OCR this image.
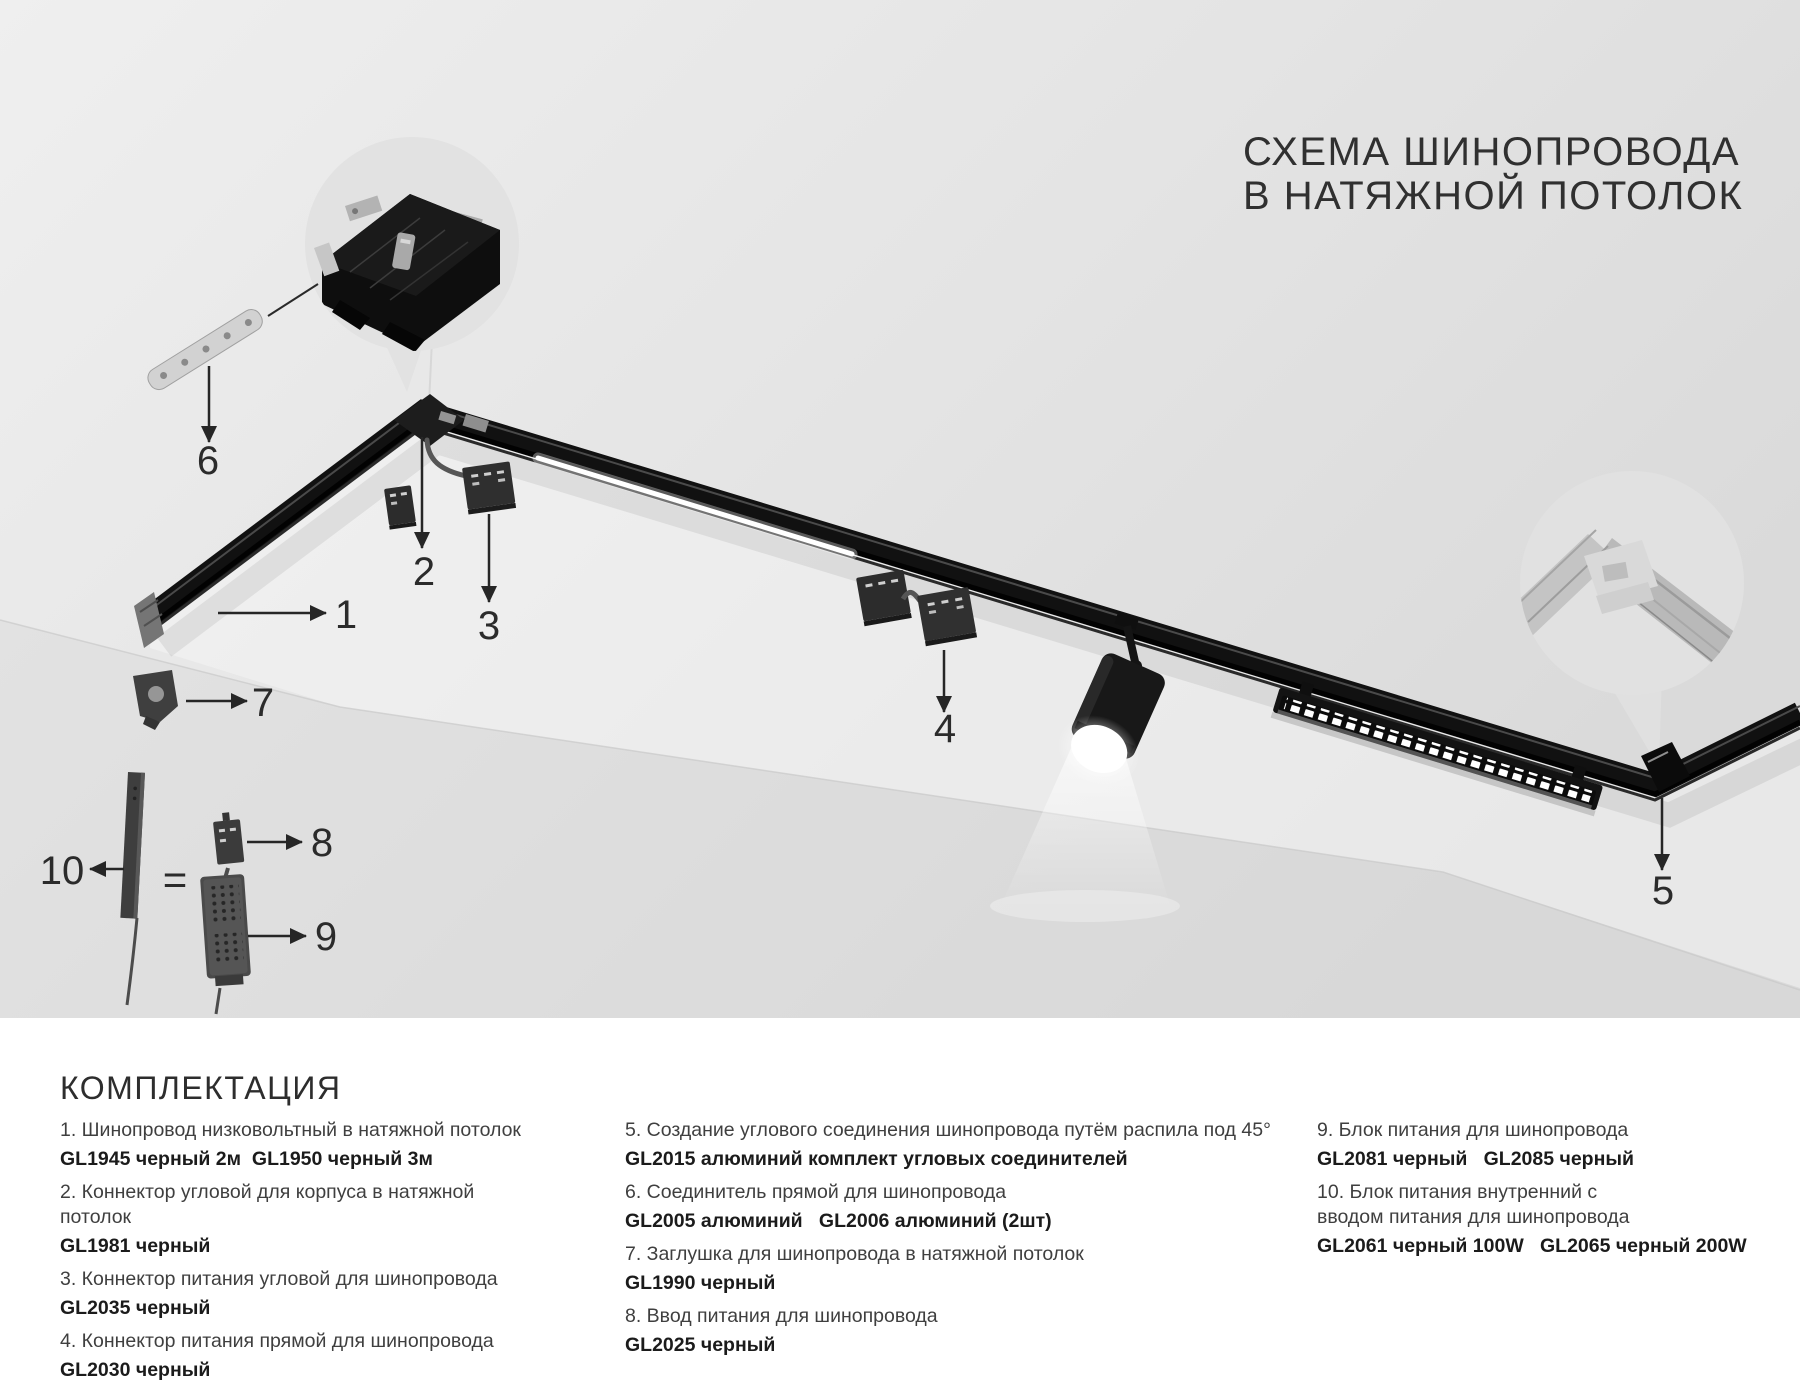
1
2
3
4
5
6
7
8
9
10 =
СХЕМА ШИНОПРОВОДА
В НАТЯЖНОЙ ПОТОЛОК
КОМПЛЕКТАЦИЯ
1. Шинопровод низковольтный в натяжной потолок
GL1945 черный 2м  GL1950 черный 3м
2. Коннектор угловой для корпуса в натяжной потолок
GL1981 черный
3. Коннектор питания угловой для шинопровода
GL2035 черный
4. Коннектор питания прямой для шинопровода
GL2030 черный
5. Создание углового соединения шинопровода путём распила под 45°
GL2015 алюминий комплект угловых соединителей
6. Соединитель прямой для шинопровода
GL2005 алюминий   GL2006 алюминий (2шт)
7. Заглушка для шинопровода в натяжной потолок
GL1990 черный
8. Ввод питания для шинопровода
GL2025 черный
9. Блок питания для шинопровода
GL2081 черный   GL2085 черный
10. Блок питания внутренний с вводом питания для шинопровода
GL2061 черный 100W   GL2065 черный 200W
